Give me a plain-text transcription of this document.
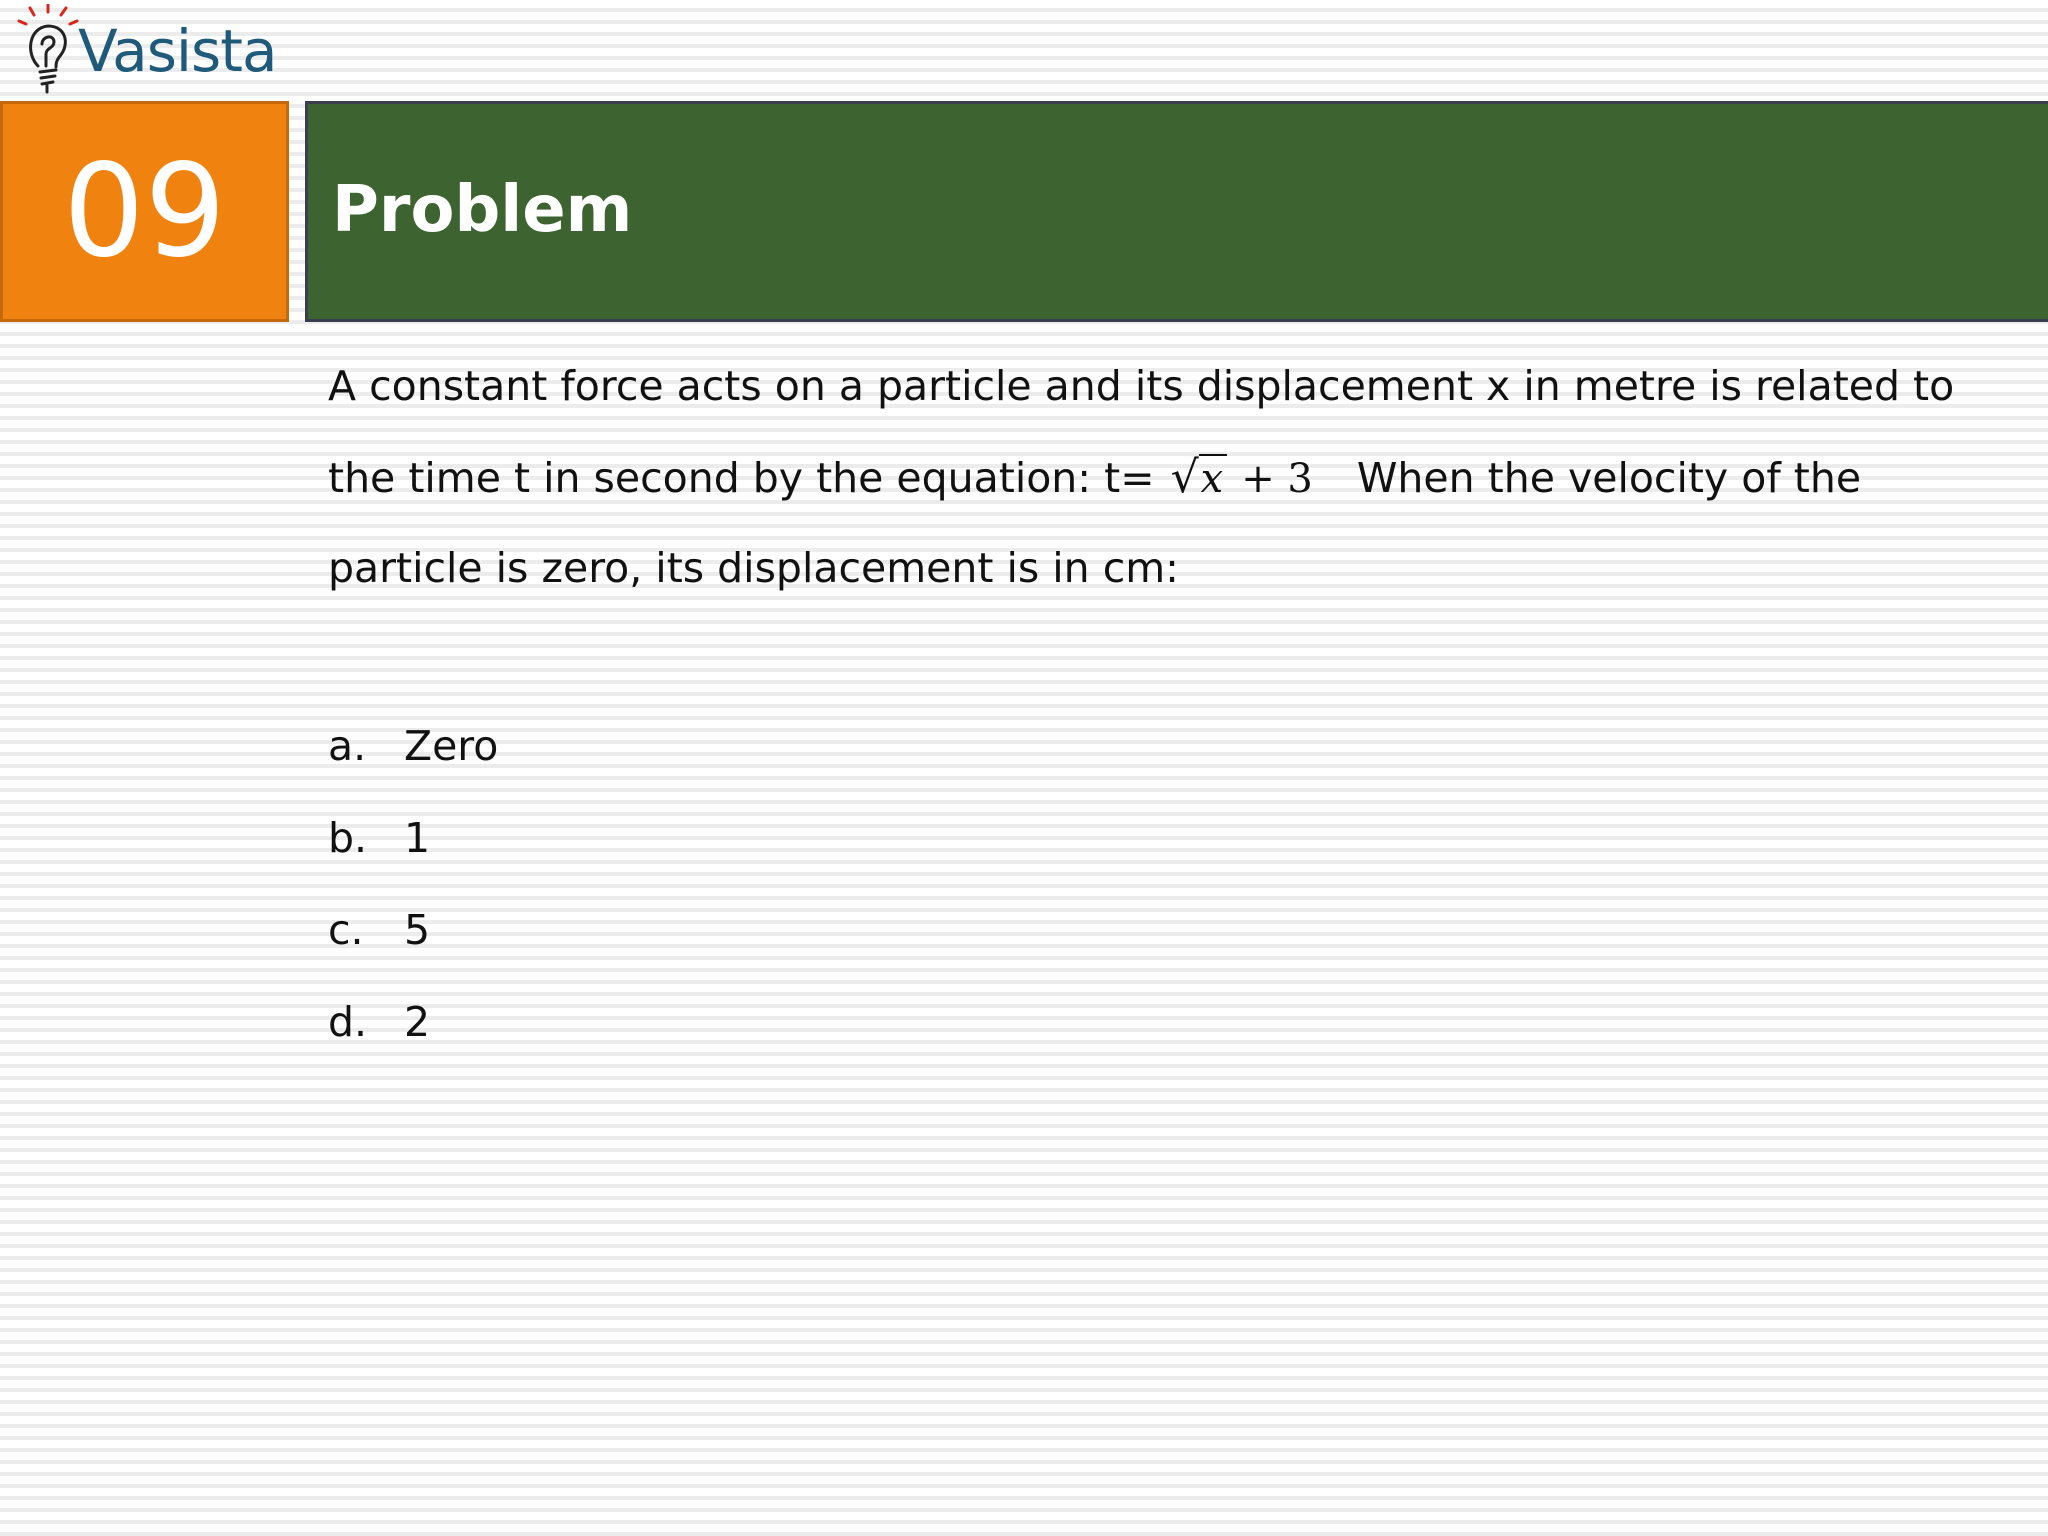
Vasista
09 Problem
A constant force acts on a particle and its displacement x in metre is related to
the time t in second by the equation: t= √x + 3 When the velocity of the
particle is zero, its displacement is in cm:
a. Zero
b. 1
c. 5
d. 2
